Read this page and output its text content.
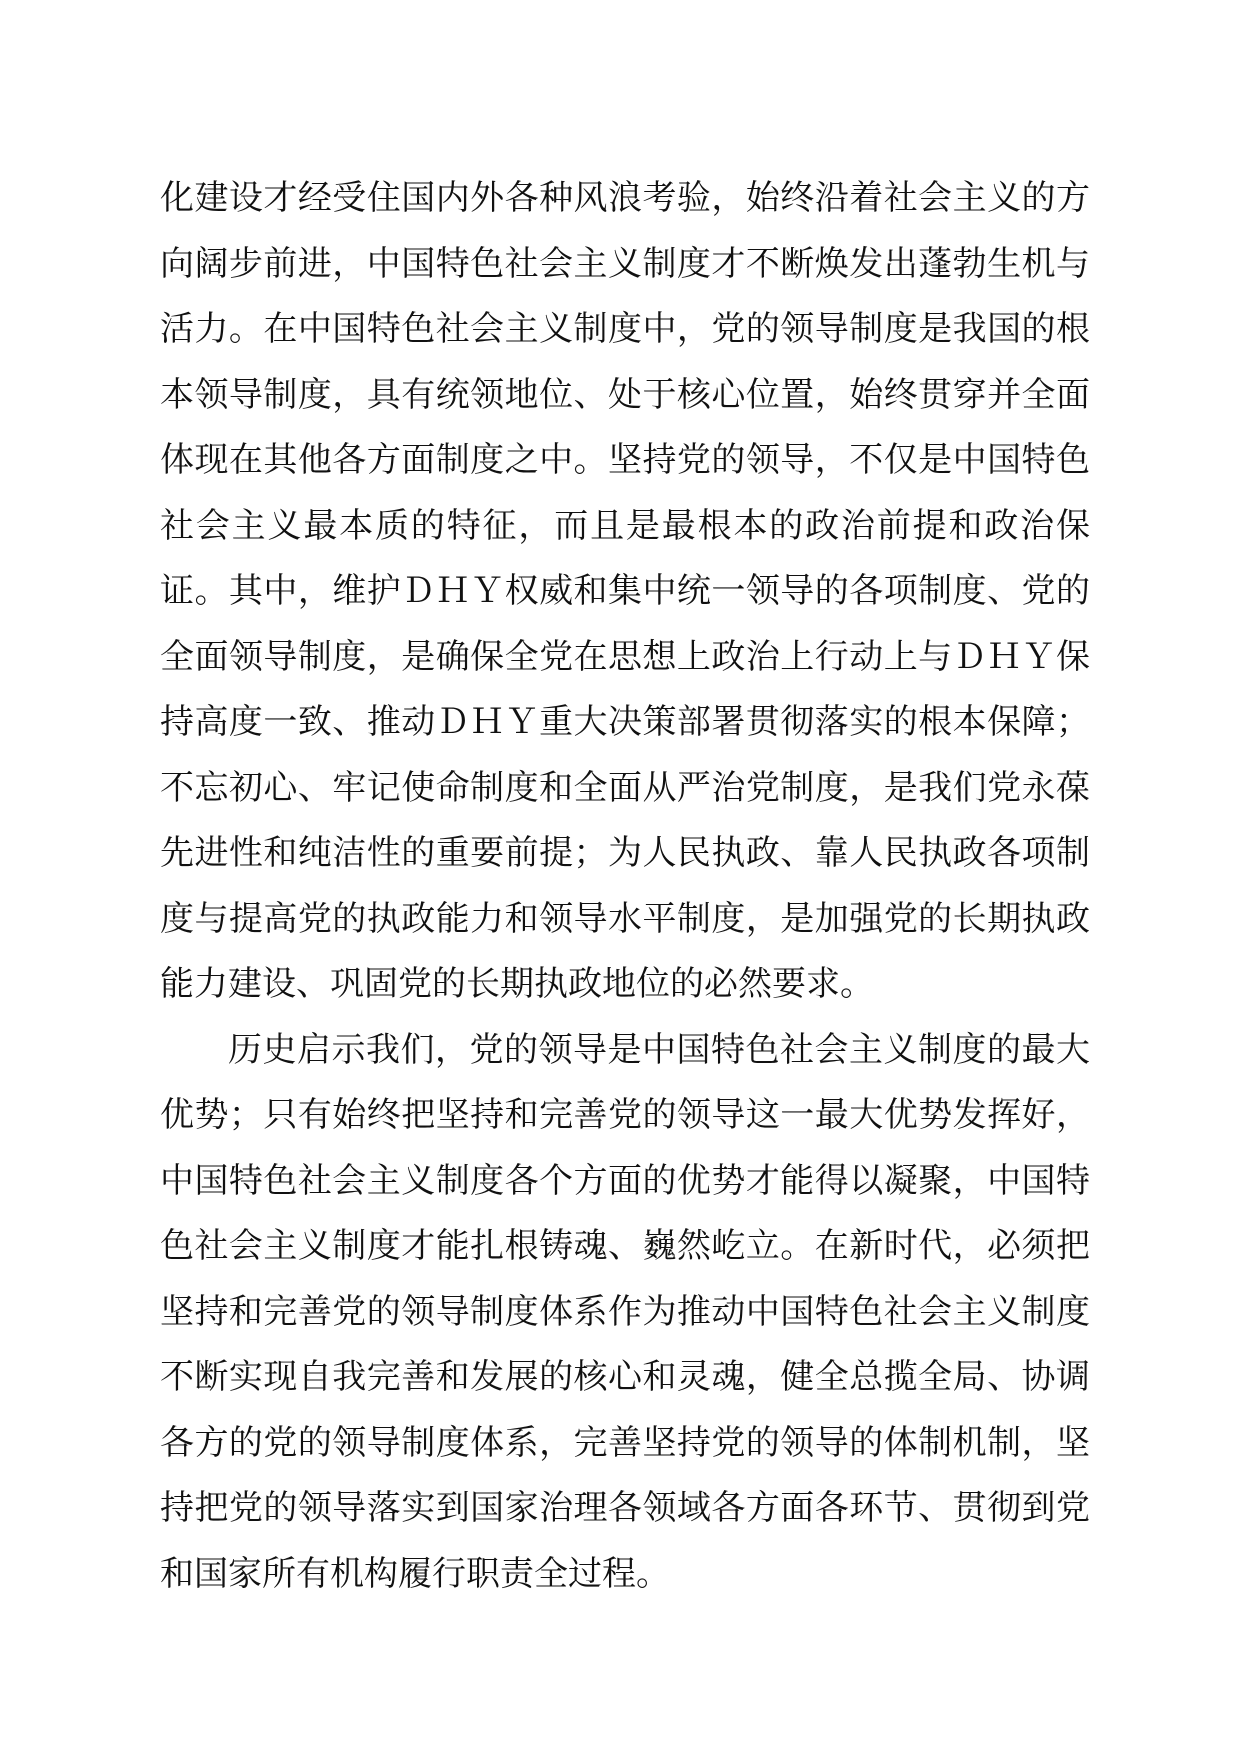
化建设才经受住国内外各种风浪考验，始终沿着社会主义的方向阔步前进，中国特色社会主义制度才不断焕发出蓬勃生机与活力。在中国特色社会主义制度中，党的领导制度是我国的根本领导制度，具有统领地位、处于核心位置，始终贯穿并全面体现在其他各方面制度之中。坚持党的领导，不仅是中国特色社会主义最本质的特征，而且是最根本的政治前提和政治保证。其中，维护ＤＨＹ权威和集中统一领导的各项制度、党的全面领导制度，是确保全党在思想上政治上行动上与ＤＨＹ保持高度一致、推动ＤＨＹ重大决策部署贯彻落实的根本保障；不忘初心、牢记使命制度和全面从严治党制度，是我们党永葆先进性和纯洁性的重要前提；为人民执政、靠人民执政各项制度与提高党的执政能力和领导水平制度，是加强党的长期执政能力建设、巩固党的长期执政地位的必然要求。

历史启示我们，党的领导是中国特色社会主义制度的最大优势；只有始终把坚持和完善党的领导这一最大优势发挥好，中国特色社会主义制度各个方面的优势才能得以凝聚，中国特色社会主义制度才能扎根铸魂、巍然屹立。在新时代，必须把坚持和完善党的领导制度体系作为推动中国特色社会主义制度不断实现自我完善和发展的核心和灵魂，健全总揽全局、协调各方的党的领导制度体系，完善坚持党的领导的体制机制，坚持把党的领导落实到国家治理各领域各方面各环节、贯彻到党和国家所有机构履行职责全过程。
